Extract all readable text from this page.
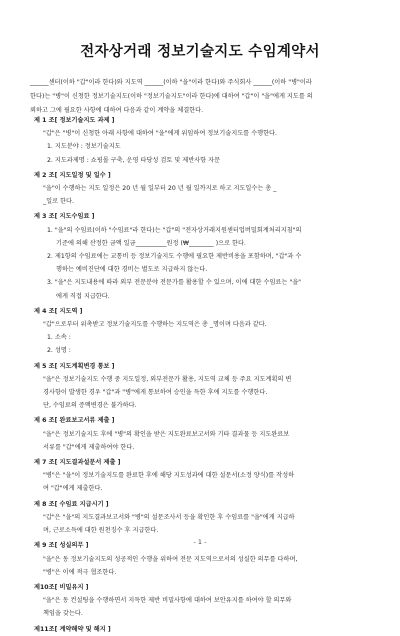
전자상거래 정보기술지도 수임계약서
______센터(이하 "갑"이라 한다)와 지도역 ______(이하 "을"이라 한다)와 주식회사 ______(이하 "병"이라
한다)는 "병"이 신청한 정보기술지도(이하 "정보기술지도"이라 한다)에 대하여 "갑"이 "을"에게 지도를 의
뢰하고 그에 필요한 사항에 대하여 다음과 같이 계약을 체결한다.
제 1 조[ 정보기술지도 과제 ]
"갑"은 "병"이 신청한 아래 사항에 대하여 "을"에게 위임하여 정보기술지도를 수행한다.
1. 지도분야 : 정보기술지도
2. 지도과제명 : 쇼핑몰 구축, 운영 타당성 검토 및 제반사항 자문
제 2 조[ 지도일정 및 일수 ]
"을"이 수행하는 지도 일정은 20 년 월 일부터 20 년 월 일까지로 하고 지도일수는 총 _
_일로 한다.
제 3 조[ 지도수임료 ]
1. "을"의 수임료(이하 "수임료"라 한다)는 "갑"의 "전자상거래지원센터업버밀회계처리지침"의
기준에 의해 산정한 금액 일금__________원정 (₩________ )으로 한다.
2. 제1항의 수임료에는 교통비 등 정보기술지도 수행에 필요한 제반비용을 포함하며, "갑"과 수
행하는 예비진단에 대한 경비는 별도로 지급하지 않는다.
3. "을"은 지도내용에 따라 외부 전문분야 전문가를 활용할 수 있으며, 이에 대한 수임료는 "을"
에게 직접 지급한다.
제 4 조[ 지도역 ]
"갑"으로부터 위촉받고 정보기술지도를 수행하는 지도역은 총 _명이며 다음과 같다.
1. 소속 :
2. 성명 :
제 5 조[ 지도계획변경 통보 ]
"을"은 정보기술지도 수행 중 지도일정, 외부전문가 활용, 지도역 교체 등 주요 지도계획의 변
경사항이 발생한 경우 "갑"과 "병"에게 통보하여 승인을 득한 후에 지도를 수행한다.
단, 수임료의 증액변경은 불가하다.
제 6 조[ 완료보고서류 제출 ]
"을"은 정보기술지도 후에 "병"의 확인을 받은 지도완료보고서와 기타 결과물 등 지도완료보
서류를 "갑"에게 제출하여야 한다.
제 7 조[ 지도결과설문서 제출 ]
"병"은 "을"이 정보기술지도를 완료한 후에 해당 지도성과에 대한 설문서(소정 양식)를 작성하
여 "갑"에게 제출한다.
제 8 조[ 수임료 지급시기 ]
"갑"은 "을"의 지도결과보고서와 "병"의 설문조사서 등을 확인한 후 수임료를 "을"에게 지급하
며, 근로소득에 대한 원천징수 후 지급한다.
제 9 조[ 성실의무 ]
"을"은 동 정보기술지도의 성공적인 수행을 위하여 전문 지도역으로서의 성실한 의무를 다하며,
"병"은 이에 적극 협조한다.
제10조[ 비밀유지 ]
"을"은 동 컨설팅을 수행하면서 지득한 제반 비밀사항에 대하여 보안유지를 하여야 할 의무와
책임을 갖는다.
제11조[ 계약해약 및 해지 ]
- 1 -
